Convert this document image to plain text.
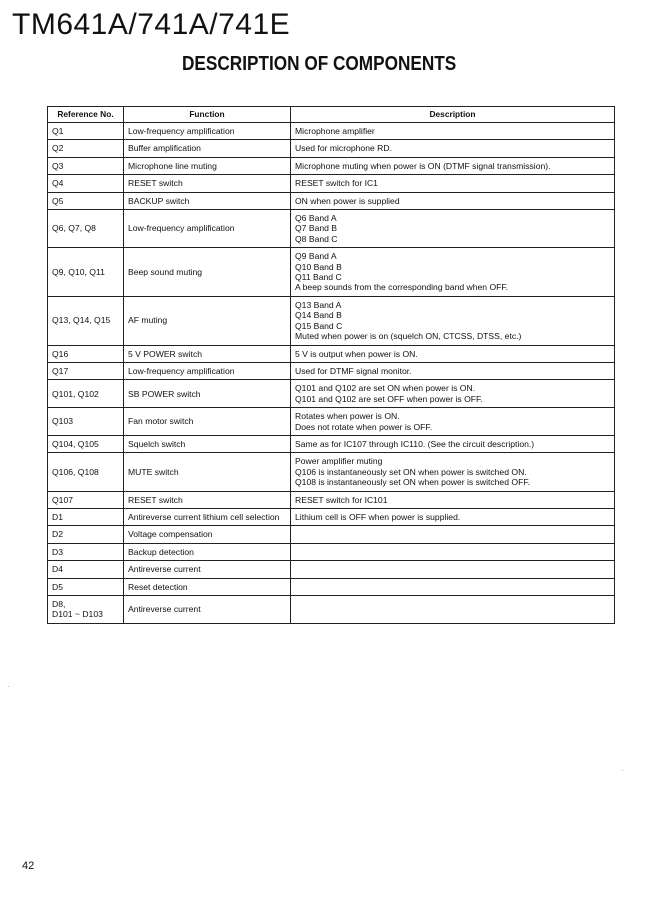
TM641A/741A/741E
DESCRIPTION OF COMPONENTS
Reference No.	Function	Description

Q1	Low-frequency amplification	Microphone amplifier

Q2	Buffer amplification	Used for microphone RD.

Q3	Microphone line muting	Microphone muting when power is ON (DTMF signal transmission).

Q4	RESET switch	RESET switch for IC1

Q5	BACKUP switch	ON when power is supplied

Q6, Q7, Q8	Low-frequency amplification	Q6 Band A
Q7 Band B
Q8 Band C

Q9, Q10, Q11	Beep sound muting	Q9 Band A
Q10 Band B
Q11 Band C
A beep sounds from the corresponding band when OFF.

Q13, Q14, Q15	AF muting	Q13 Band A
Q14 Band B
Q15 Band C
Muted when power is on (squelch ON, CTCSS, DTSS, etc.)

Q16	5 V POWER switch	5 V is output when power is ON.

Q17	Low-frequency amplification	Used for DTMF signal monitor.

Q101, Q102	SB POWER switch	Q101 and Q102 are set ON when power is ON.
Q101 and Q102 are set OFF when power is OFF.

Q103	Fan motor switch	Rotates when power is ON.
Does not rotate when power is OFF.

Q104, Q105	Squelch switch	Same as for IC107 through IC110. (See the circuit description.)

Q106, Q108	MUTE switch	Power amplifier muting
Q106 is instantaneously set ON when power is switched ON.
Q108 is instantaneously set ON when power is switched OFF.

Q107	RESET switch	RESET switch for IC101

D1	Antireverse current lithium cell selection	Lithium cell is OFF when power is supplied.

D2	Voltage compensation	

D3	Backup detection	

D4	Antireverse current	

D5	Reset detection	

D8,
D101 ~ D103	Antireverse current	
42
